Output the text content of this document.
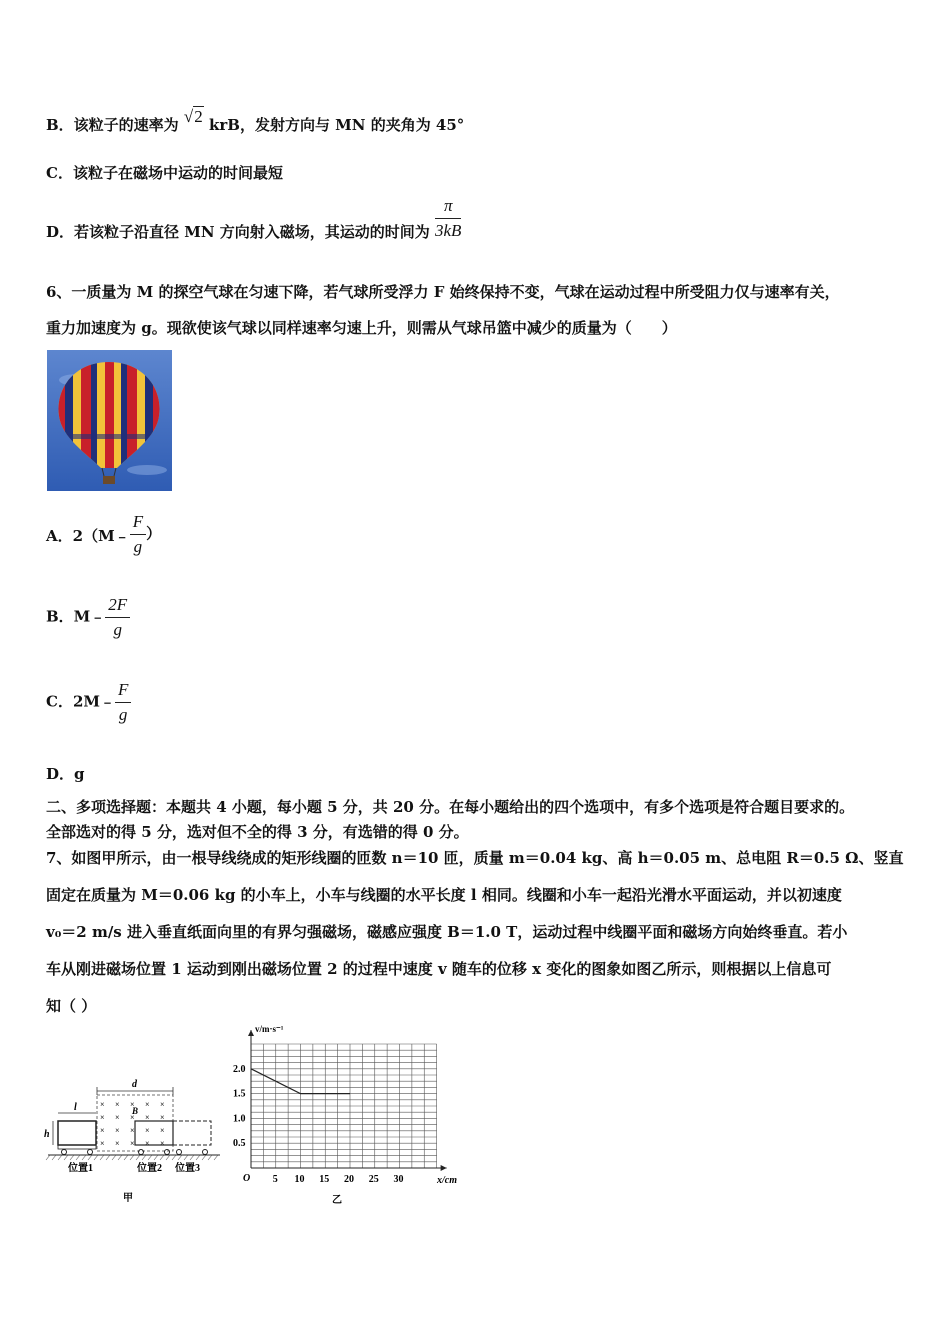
B．该粒子的速率为 √2 krB，发射方向与 MN 的夹角为 45°
C．该粒子在磁场中运动的时间最短
D．若该粒子沿直径 MN 方向射入磁场，其运动的时间为 $\frac{\pi}{3kB}$
6、一质量为 M 的探空气球在匀速下降，若气球所受浮力 F 始终保持不变，气球在运动过程中所受阻力仅与速率有关，
重力加速度为 g。现欲使该气球以同样速率匀速上升，则需从气球吊篮中减少的质量为（　　）
A．2（M﹣ $\frac{F}{g}$ ）
B．M﹣ $\frac{2F}{g}$
C．2M﹣ $\frac{F}{g}$
D．g
二、多项选择题：本题共 4 小题，每小题 5 分，共 20 分。在每小题给出的四个选项中，有多个选项是符合题目要求的。
全部选对的得 5 分，选对但不全的得 3 分，有选错的得 0 分。
7、如图甲所示，由一根导线绕成的矩形线圈的匝数 n＝10 匝，质量 m＝0.04 kg、高 h＝0.05 m、总电阻 R＝0.5 Ω、竖直
固定在质量为 M＝0.06 kg 的小车上，小车与线圈的水平长度 l 相同。线圈和小车一起沿光滑水平面运动，并以初速度
v₀＝2 m/s 进入垂直纸面向里的有界匀强磁场，磁感应强度 B＝1.0 T，运动过程中线圈平面和磁场方向始终垂直。若小
车从刚进磁场位置 1 运动到刚出磁场位置 2 的过程中速度 v 随车的位移 x 变化的图象如图乙所示，则根据以上信息可
知（ ）
d
× × × × ×
× × × × ×
× × × × ×
× × × × ×
B
l
h
位置1	位置2 位置3
甲
5 10 15 20 25 30
0.5
1.0
1.5
2.0
v/m·s⁻¹
x/cm
O
乙
